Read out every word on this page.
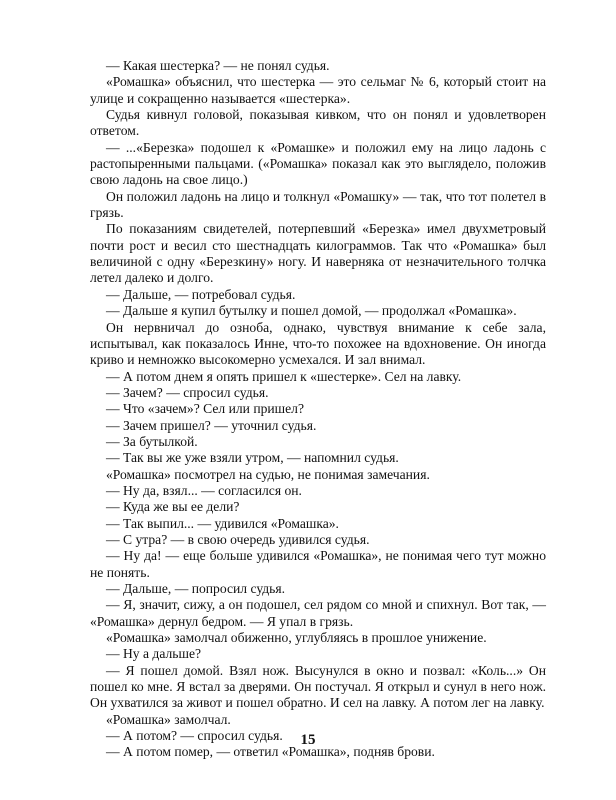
— Какая шестерка? — не понял судья.

«Ромашка» объяснил, что шестерка — это сельмаг № 6, который стоит на улице и сокращенно называется «шестерка».

Судья кивнул головой, показывая кивком, что он понял и удовлетворен ответом.

— ...«Березка» подошел к «Ромашке» и положил ему на лицо ладонь с растопыренными пальцами. («Ромашка» показал как это выглядело, положив свою ладонь на свое лицо.)

Он положил ладонь на лицо и толкнул «Ромашку» — так, что тот полетел в грязь.

По показаниям свидетелей, потерпевший «Березка» имел двухметровый почти рост и весил сто шестнадцать килограммов. Так что «Ромашка» был величиной с одну «Березкину» ногу. И наверняка от незначительного толчка летел далеко и долго.

— Дальше, — потребовал судья.

— Дальше я купил бутылку и пошел домой, — продолжал «Ромашка».

Он нервничал до озноба, однако, чувствуя внимание к себе зала, испытывал, как показалось Инне, что-то похожее на вдохновение. Он иногда криво и немножко высокомерно усмехался. И зал внимал.

— А потом днем я опять пришел к «шестерке». Сел на лавку.

— Зачем? — спросил судья.

— Что «зачем»? Сел или пришел?

— Зачем пришел? — уточнил судья.

— За бутылкой.

— Так вы же уже взяли утром, — напомнил судья.

«Ромашка» посмотрел на судью, не понимая замечания.

— Ну да, взял... — согласился он.

— Куда же вы ее дели?

— Так выпил... — удивился «Ромашка».

— С утра? — в свою очередь удивился судья.

— Ну да! — еще больше удивился «Ромашка», не понимая чего тут можно не понять.

— Дальше, — попросил судья.

— Я, значит, сижу, а он подошел, сел рядом со мной и спихнул. Вот так, — «Ромашка» дернул бедром. — Я упал в грязь.

«Ромашка» замолчал обиженно, углубляясь в прошлое унижение.

— Ну а дальше?

— Я пошел домой. Взял нож. Высунулся в окно и позвал: «Коль...» Он пошел ко мне. Я встал за дверями. Он постучал. Я открыл и сунул в него нож. Он ухватился за живот и пошел обратно. И сел на лавку. А потом лег на лавку.

«Ромашка» замолчал.

— А потом? — спросил судья.

— А потом помер, — ответил «Ромашка», подняв брови.

15
